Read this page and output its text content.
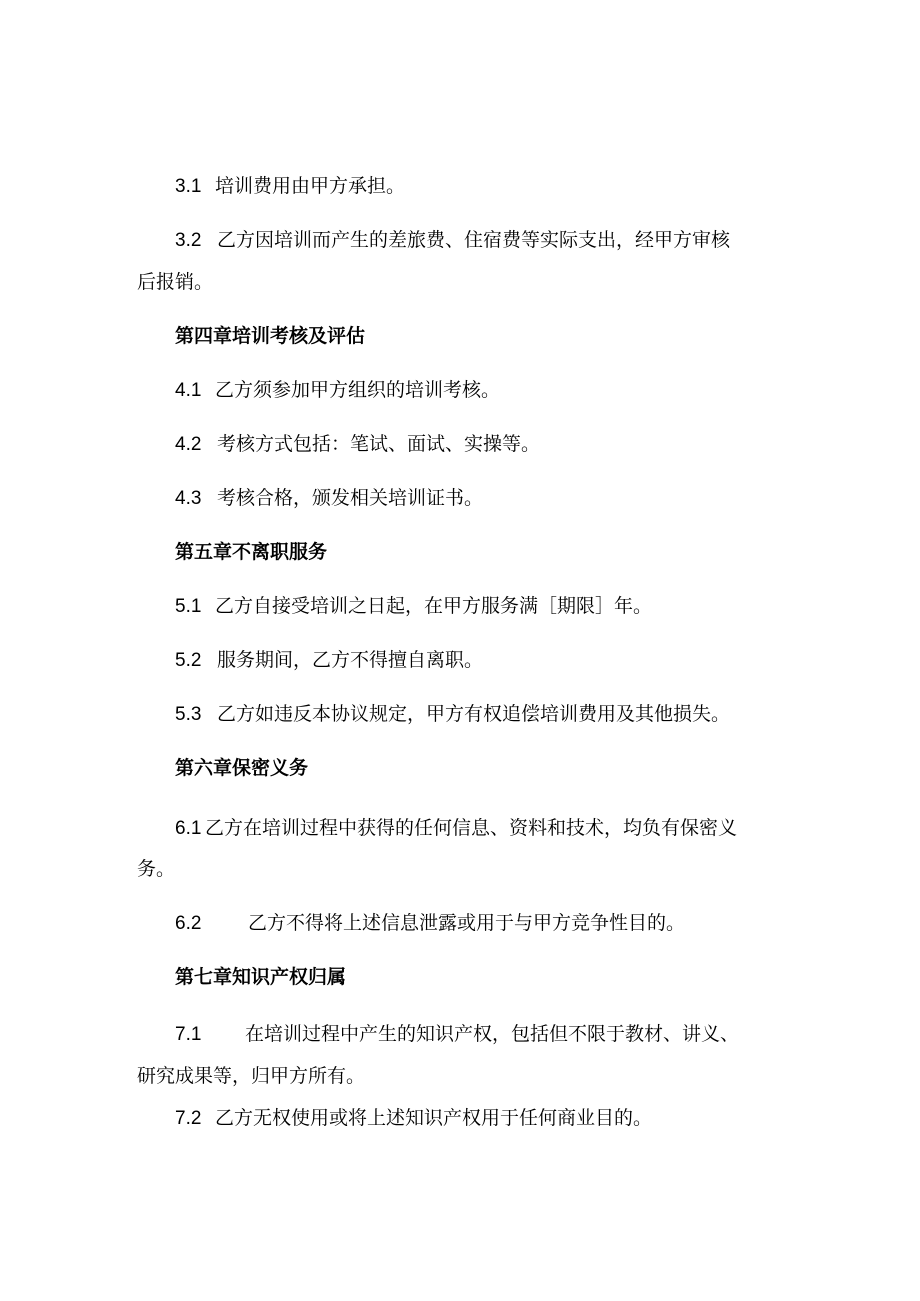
3.1 培训费用由甲方承担。
3.2 乙方因培训而产生的差旅费、住宿费等实际支出，经甲方审核
后报销。
第四章培训考核及评估
4.1 乙方须参加甲方组织的培训考核。
4.2 考核方式包括：笔试、面试、实操等。
4.3 考核合格，颁发相关培训证书。
第五章不离职服务
5.1 乙方自接受培训之日起，在甲方服务满［期限］年。
5.2 服务期间，乙方不得擅自离职。
5.3 乙方如违反本协议规定，甲方有权追偿培训费用及其他损失。
第六章保密义务
6.1 乙方在培训过程中获得的任何信息、资料和技术，均负有保密义
务。
6.2 乙方不得将上述信息泄露或用于与甲方竞争性目的。
第七章知识产权归属
7.1 在培训过程中产生的知识产权，包括但不限于教材、讲义、
研究成果等，归甲方所有。
7.2 乙方无权使用或将上述知识产权用于任何商业目的。
